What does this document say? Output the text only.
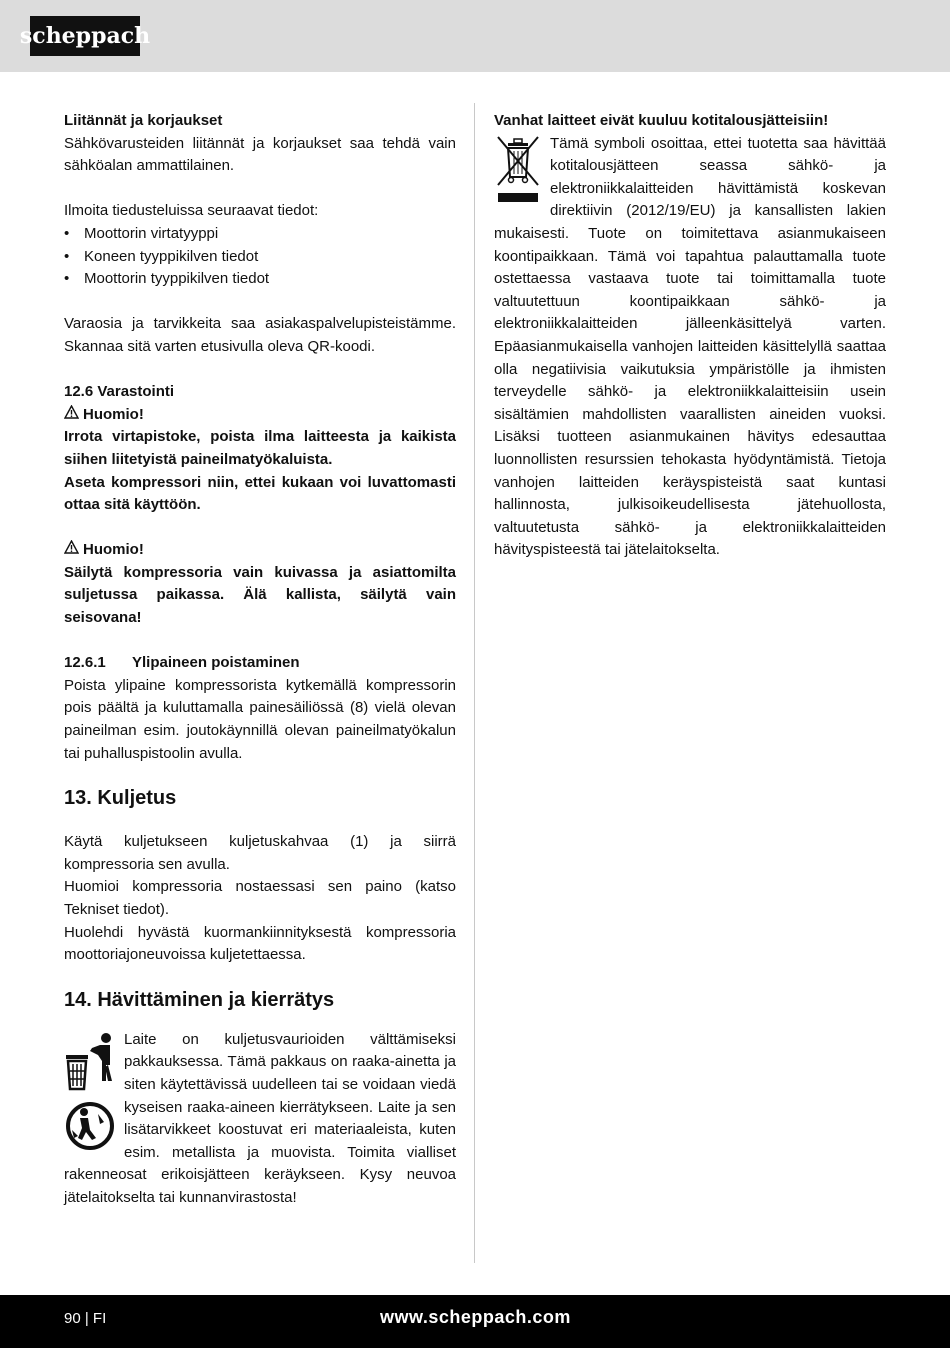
scheppach

Liitännät ja korjaukset

Sähkövarusteiden liitännät ja korjaukset saa tehdä vain sähköalan ammattilainen.

Ilmoita tiedusteluissa seuraavat tiedot:

• Moottorin virtatyyppi
• Koneen tyyppikilven tiedot
• Moottorin tyyppikilven tiedot

Varaosia ja tarvikkeita saa asiakaspalvelupisteistämme. Skannaa sitä varten etusivulla oleva QR-koodi.

12.6 Varastointi

Huomio!

Irrota virtapistoke, poista ilma laitteesta ja kaikista siihen liitetyistä paineilmatyökaluista.

Aseta kompressori niin, ettei kukaan voi luvattomasti ottaa sitä käyttöön.

Huomio!

Säilytä kompressoria vain kuivassa ja asiattomilta suljetussa paikassa. Älä kallista, säilytä vain seisovana!

12.6.1 Ylipaineen poistaminen

Poista ylipaine kompressorista kytkemällä kompressorin pois päältä ja kuluttamalla painesäiliössä (8) vielä olevan paineilman esim. joutokäynnillä olevan paineilmatyökalun tai puhalluspistoolin avulla.

13. Kuljetus

Käytä kuljetukseen kuljetuskahvaa (1) ja siirrä kompressoria sen avulla.

Huomioi kompressoria nostaessasi sen paino (katso Tekniset tiedot).

Huolehdi hyvästä kuormankiinnityksestä kompressoria moottoriajoneuvoissa kuljetettaessa.

14. Hävittäminen ja kierrätys

Laite on kuljetusvaurioiden välttämiseksi pakkauksessa. Tämä pakkaus on raaka-ainetta ja siten käytettävissä uudelleen tai se voidaan viedä kyseisen raaka-aineen kierrätykseen. Laite ja sen lisätarvikkeet koostuvat eri materiaaleista, kuten esim. metallista ja muovista. Toimita vialliset rakenneosat erikoisjätteen keräykseen. Kysy neuvoa jätelaitokselta tai kunnanvirastosta!

Vanhat laitteet eivät kuuluu kotitalousjätteisiin!

Tämä symboli osoittaa, ettei tuotetta saa hävittää kotitalousjätteen seassa sähkö- ja elektroniikkalaitteiden hävittämistä koskevan direktiivin (2012/19/EU) ja kansallisten lakien mukaisesti. Tuote on toimitettava asianmukaiseen koontipaikkaan. Tämä voi tapahtua palauttamalla tuote ostettaessa vastaava tuote tai toimittamalla tuote valtuutettuun koontipaikkaan sähkö- ja elektroniikkalaitteiden jälleenkäsittelyä varten. Epäasianmukaisella vanhojen laitteiden käsittelyllä saattaa olla negatiivisia vaikutuksia ympäristölle ja ihmisten terveydelle sähkö- ja elektroniikkalaitteisiin usein sisältämien mahdollisten vaarallisten aineiden vuoksi. Lisäksi tuotteen asianmukainen hävitys edesauttaa luonnollisten resurssien tehokasta hyödyntämistä. Tietoja vanhojen laitteiden keräyspisteistä saat kuntasi hallinnosta, julkisoikeudellisesta jätehuollosta, valtuutetusta sähkö- ja elektroniikkalaitteiden hävityspisteestä tai jätelaitokselta.

90 | FI	www.scheppach.com
